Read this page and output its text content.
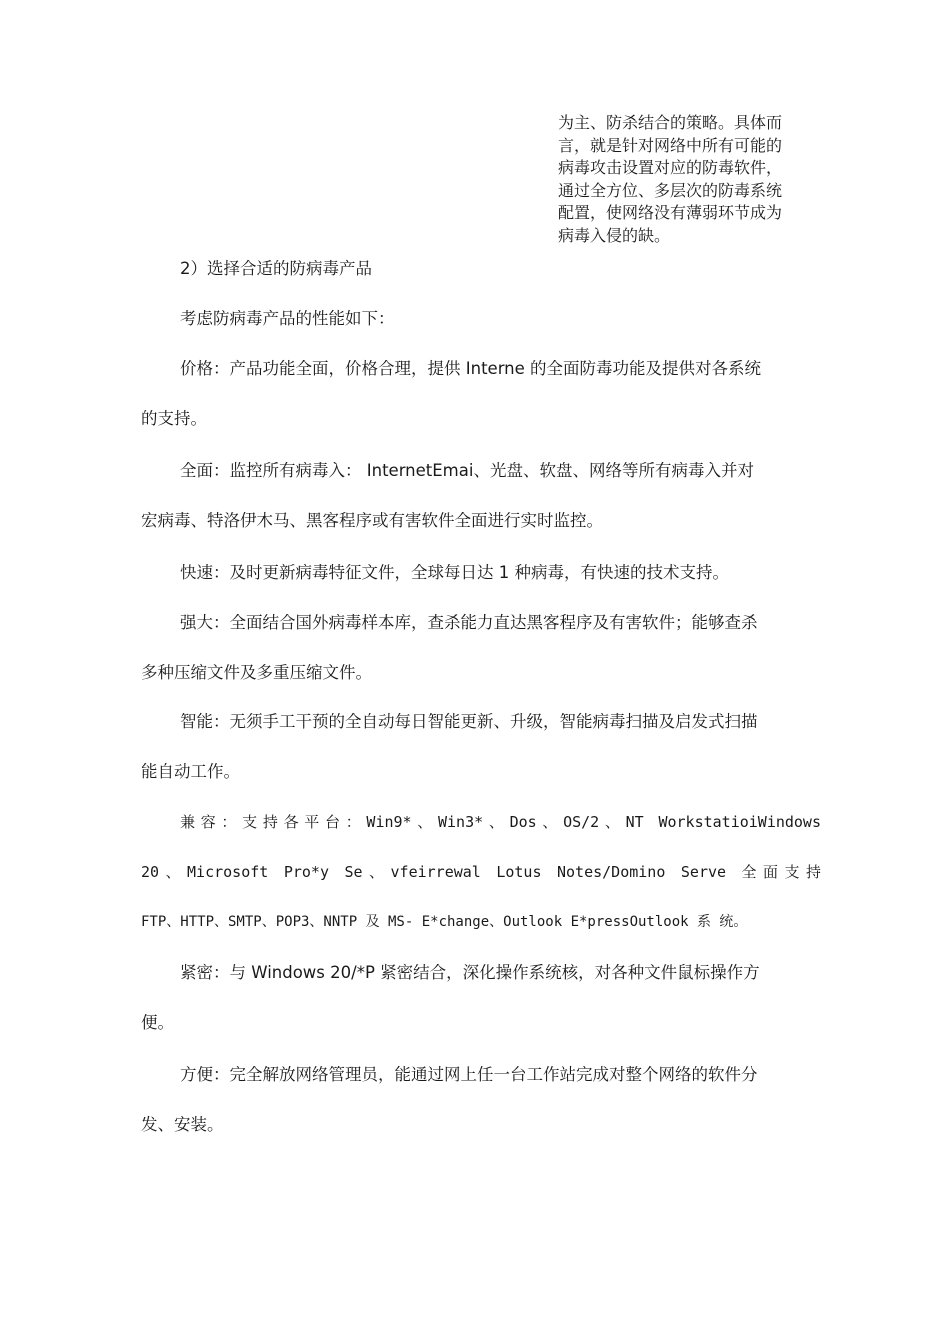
为主、防杀结合的策略。具体而
言，就是针对网络中所有可能的
病毒攻击设置对应的防毒软件，
通过全方位、多层次的防毒系统
配置，使网络没有薄弱环节成为
病毒入侵的缺。
2）选择合适的防病毒产品
考虑防病毒产品的性能如下：
价格：产品功能全面，价格合理，提供 Interne 的全面防毒功能及提供对各系统
的支持。
全面：监控所有病毒入： InternetEmai、光盘、软盘、网络等所有病毒入并对
宏病毒、特洛伊木马、黑客程序或有害软件全面进行实时监控。
快速：及时更新病毒特征文件，全球每日达 1 种病毒，有快速的技术支持。
强大：全面结合国外病毒样本库，查杀能力直达黑客程序及有害软件；能够查杀
多种压缩文件及多重压缩文件。
智能：无须手工干预的全自动每日智能更新、升级，智能病毒扫描及启发式扫描
能自动工作。
兼容：支持各平台：Win9*、Win3*、Dos、OS/2、NT WorkstatioiWindows
20、Microsoft Pro*y Se、vfeirrewal Lotus Notes/Domino Serve 全面支持
FTP、HTTP、SMTP、POP3、NNTP 及 MS- E*change、Outlook E*pressOutlook 系 统。
紧密：与 Windows 20/*P 紧密结合，深化操作系统核，对各种文件鼠标操作方
便。
方便：完全解放网络管理员，能通过网上任一台工作站完成对整个网络的软件分
发、安装。
